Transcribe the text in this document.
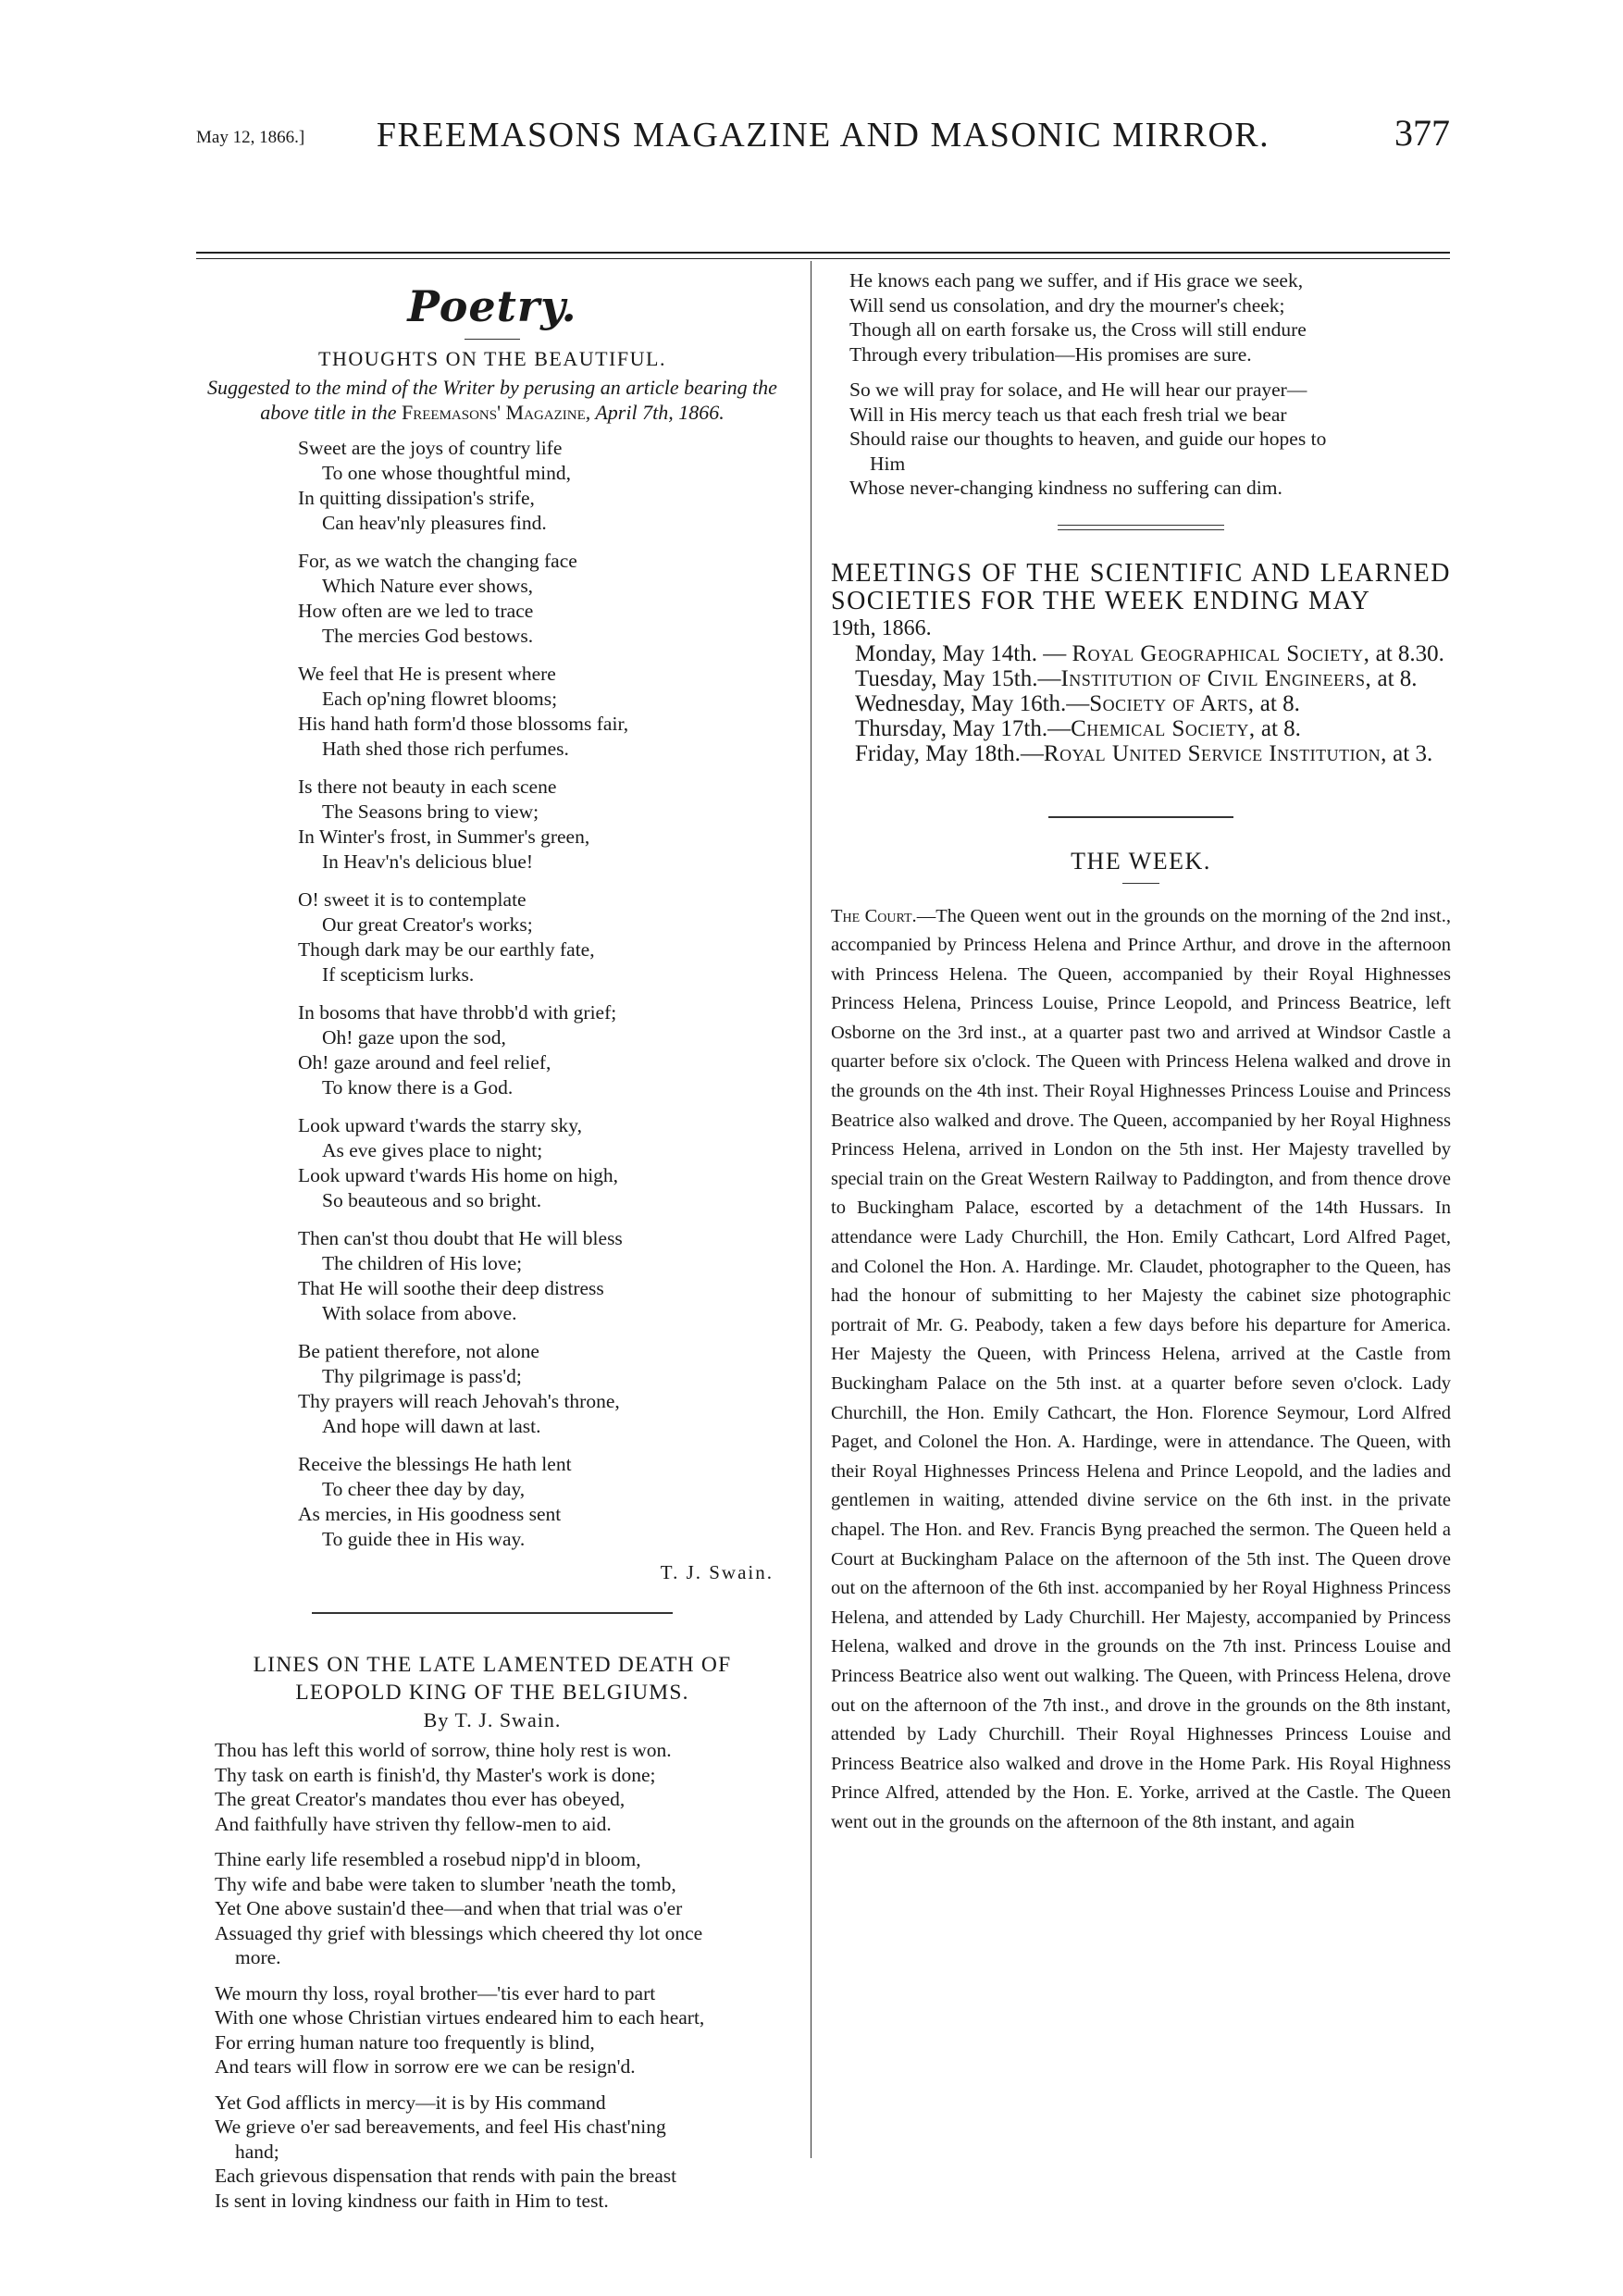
May 12, 1866.]	FREEMASONS MAGAZINE AND MASONIC MIRROR.	377
Poetry.
THOUGHTS ON THE BEAUTIFUL.
Suggested to the mind of the Writer by perusing an article bearing the above title in the Freemasons' Magazine, April 7th, 1866.
Sweet are the joys of country life
To one whose thoughtful mind,
In quitting dissipation's strife,
Can heav'nly pleasures find.
For, as we watch the changing face
Which Nature ever shows,
How often are we led to trace
The mercies God bestows.
We feel that He is present where
Each op'ning flowret blooms;
His hand hath form'd those blossoms fair,
Hath shed those rich perfumes.
Is there not beauty in each scene
The Seasons bring to view;
In Winter's frost, in Summer's green,
In Heav'n's delicious blue!
O! sweet it is to contemplate
Our great Creator's works;
Though dark may be our earthly fate,
If scepticism lurks.
In bosoms that have throbb'd with grief;
Oh! gaze upon the sod,
Oh! gaze around and feel relief,
To know there is a God.
Look upward t'wards the starry sky,
As eve gives place to night;
Look upward t'wards His home on high,
So beauteous and so bright.
Then can'st thou doubt that He will bless
The children of His love;
That He will soothe their deep distress
With solace from above.
Be patient therefore, not alone
Thy pilgrimage is pass'd;
Thy prayers will reach Jehovah's throne,
And hope will dawn at last.
Receive the blessings He hath lent
To cheer thee day by day,
As mercies, in His goodness sent
To guide thee in His way.
T. J. Swain.
LINES ON THE LATE LAMENTED DEATH OF
LEOPOLD KING OF THE BELGIUMS.
By T. J. Swain.
Thou has left this world of sorrow, thine holy rest is won.
Thy task on earth is finish'd, thy Master's work is done;
The great Creator's mandates thou ever has obeyed,
And faithfully have striven thy fellow-men to aid.
Thine early life resembled a rosebud nipp'd in bloom,
Thy wife and babe were taken to slumber 'neath the tomb,
Yet One above sustain'd thee—and when that trial was o'er
Assuaged thy grief with blessings which cheered thy lot once
more.
We mourn thy loss, royal brother—'tis ever hard to part
With one whose Christian virtues endeared him to each heart,
For erring human nature too frequently is blind,
And tears will flow in sorrow ere we can be resign'd.
Yet God afflicts in mercy—it is by His command
We grieve o'er sad bereavements, and feel His chast'ning
hand;
Each grievous dispensation that rends with pain the breast
Is sent in loving kindness our faith in Him to test.
He knows each pang we suffer, and if His grace we seek,
Will send us consolation, and dry the mourner's cheek;
Though all on earth forsake us, the Cross will still endure
Through every tribulation—His promises are sure.
So we will pray for solace, and He will hear our prayer—
Will in His mercy teach us that each fresh trial we bear
Should raise our thoughts to heaven, and guide our hopes to
Him
Whose never-changing kindness no suffering can dim.
MEETINGS OF THE SCIENTIFIC AND LEARNED SOCIETIES FOR THE WEEK ENDING MAY
19th, 1866.

Monday, May 14th. — Royal Geographical Society, at 8.30.

Tuesday, May 15th.—Institution of Civil Engineers, at 8.

Wednesday, May 16th.—Society of Arts, at 8.

Thursday, May 17th.—Chemical Society, at 8.

Friday, May 18th.—Royal United Service Institution, at 3.

THE WEEK.

The Court.—The Queen went out in the grounds on the morning of the 2nd inst., accompanied by Princess Helena and Prince Arthur, and drove in the afternoon with Princess Helena. The Queen, accompanied by their Royal Highnesses Princess Helena, Princess Louise, Prince Leopold, and Princess Beatrice, left Osborne on the 3rd inst., at a quarter past two and arrived at Windsor Castle a quarter before six o'clock. The Queen with Princess Helena walked and drove in the grounds on the 4th inst. Their Royal Highnesses Princess Louise and Princess Beatrice also walked and drove. The Queen, accompanied by her Royal Highness Princess Helena, arrived in London on the 5th inst. Her Majesty travelled by special train on the Great Western Railway to Paddington, and from thence drove to Buckingham Palace, escorted by a detachment of the 14th Hussars. In attendance were Lady Churchill, the Hon. Emily Cathcart, Lord Alfred Paget, and Colonel the Hon. A. Hardinge. Mr. Claudet, photographer to the Queen, has had the honour of submitting to her Majesty the cabinet size photographic portrait of Mr. G. Peabody, taken a few days before his departure for America. Her Majesty the Queen, with Princess Helena, arrived at the Castle from Buckingham Palace on the 5th inst. at a quarter before seven o'clock. Lady Churchill, the Hon. Emily Cathcart, the Hon. Florence Seymour, Lord Alfred Paget, and Colonel the Hon. A. Hardinge, were in attendance. The Queen, with their Royal Highnesses Princess Helena and Prince Leopold, and the ladies and gentlemen in waiting, attended divine service on the 6th inst. in the private chapel. The Hon. and Rev. Francis Byng preached the sermon. The Queen held a Court at Buckingham Palace on the afternoon of the 5th inst. The Queen drove out on the afternoon of the 6th inst. accompanied by her Royal Highness Princess Helena, and attended by Lady Churchill. Her Majesty, accompanied by Princess Helena, walked and drove in the grounds on the 7th inst. Princess Louise and Princess Beatrice also went out walking. The Queen, with Princess Helena, drove out on the afternoon of the 7th inst., and drove in the grounds on the 8th instant, attended by Lady Churchill. Their Royal Highnesses Princess Louise and Princess Beatrice also walked and drove in the Home Park. His Royal Highness Prince Alfred, attended by the Hon. E. Yorke, arrived at the Castle. The Queen went out in the grounds on the afternoon of the 8th instant, and again
